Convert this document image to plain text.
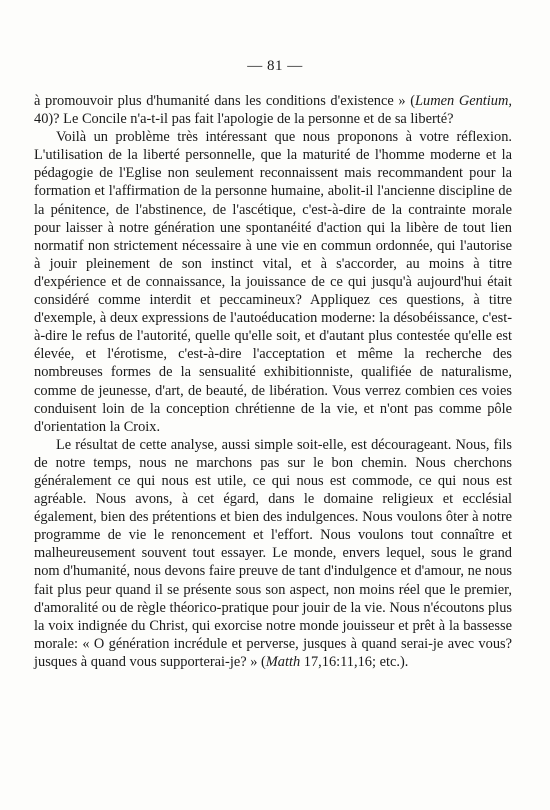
— 81 —

à promouvoir plus d'humanité dans les conditions d'existence » (Lumen Gentium, 40)? Le Concile n'a-t-il pas fait l'apologie de la personne et de sa liberté?

Voilà un problème très intéressant que nous proponons à votre réflexion. L'utilisation de la liberté personnelle, que la maturité de l'homme moderne et la pédagogie de l'Eglise non seulement reconnaissent mais recommandent pour la formation et l'affirmation de la personne humaine, abolit-il l'ancienne discipline de la pénitence, de l'abstinence, de l'ascétique, c'est-à-dire de la contrainte morale pour laisser à notre génération une spontanéité d'action qui la libère de tout lien normatif non strictement nécessaire à une vie en commun ordonnée, qui l'autorise à jouir pleinement de son instinct vital, et à s'accorder, au moins à titre d'expérience et de connaissance, la jouissance de ce qui jusqu'à aujourd'hui était considéré comme interdit et peccamineux? Appliquez ces questions, à titre d'exemple, à deux expressions de l'autoéducation moderne: la désobéissance, c'est-à-dire le refus de l'autorité, quelle qu'elle soit, et d'autant plus contestée qu'elle est élevée, et l'érotisme, c'est-à-dire l'acceptation et même la recherche des nombreuses formes de la sensualité exhibitionniste, qualifiée de naturalisme, comme de jeunesse, d'art, de beauté, de libération. Vous verrez combien ces voies conduisent loin de la conception chrétienne de la vie, et n'ont pas comme pôle d'orientation la Croix.

Le résultat de cette analyse, aussi simple soit-elle, est décourageant. Nous, fils de notre temps, nous ne marchons pas sur le bon chemin. Nous cherchons généralement ce qui nous est utile, ce qui nous est commode, ce qui nous est agréable. Nous avons, à cet égard, dans le domaine religieux et ecclésial également, bien des prétentions et bien des indulgences. Nous voulons ôter à notre programme de vie le renoncement et l'effort. Nous voulons tout connaître et malheureusement souvent tout essayer. Le monde, envers lequel, sous le grand nom d'humanité, nous devons faire preuve de tant d'indulgence et d'amour, ne nous fait plus peur quand il se présente sous son aspect, non moins réel que le premier, d'amoralité ou de règle théorico-pratique pour jouir de la vie. Nous n'écoutons plus la voix indignée du Christ, qui exorcise notre monde jouisseur et prêt à la bassesse morale: « O génération incrédule et perverse, jusques à quand serai-je avec vous? jusques à quand vous supporterai-je? » (Matth 17,16:11,16; etc.).
